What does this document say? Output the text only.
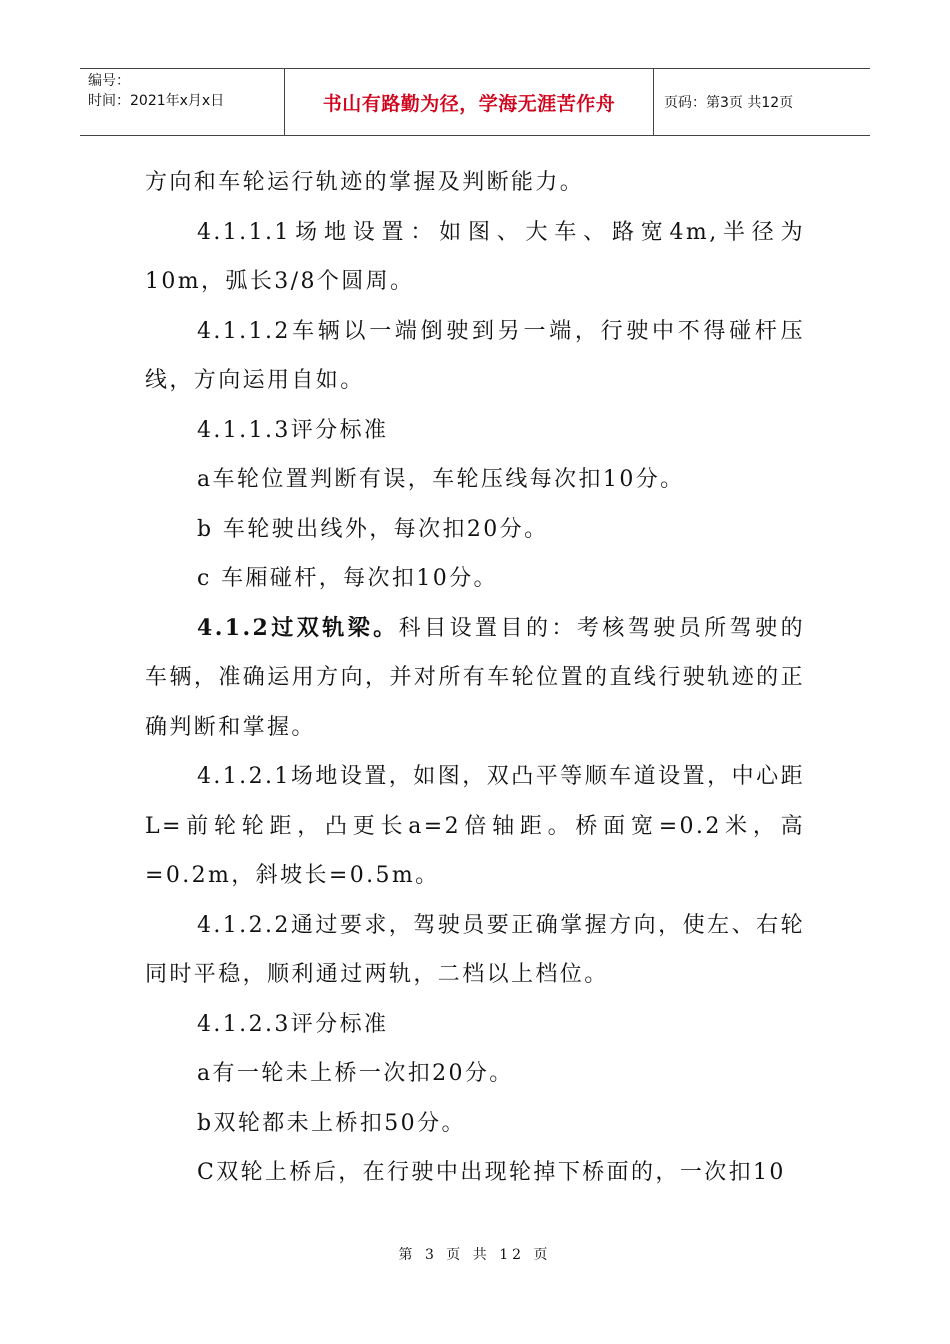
编号：
时间：2021年x月x日	书山有路勤为径，学海无涯苦作舟	页码：第3页 共12页
方向和车轮运行轨迹的掌握及判断能力。
4.1.1.1场地设置：如图、大车、路宽4m,半径为10m，弧长3/8个圆周。
4.1.1.2车辆以一端倒驶到另一端，行驶中不得碰杆压线，方向运用自如。
4.1.1.3评分标准
a车轮位置判断有误，车轮压线每次扣10分。
b 车轮驶出线外，每次扣20分。
c 车厢碰杆，每次扣10分。
4.1.2过双轨梁。科目设置目的：考核驾驶员所驾驶的车辆，准确运用方向，并对所有车轮位置的直线行驶轨迹的正确判断和掌握。
4.1.2.1场地设置，如图，双凸平等顺车道设置，中心距L=前轮轮距，凸更长a=2倍轴距。桥面宽=0.2米，高=0.2m，斜坡长=0.5m。
4.1.2.2通过要求，驾驶员要正确掌握方向，使左、右轮同时平稳，顺利通过两轨，二档以上档位。
4.1.2.3评分标准
a有一轮未上桥一次扣20分。
b双轮都未上桥扣50分。
C双轮上桥后，在行驶中出现轮掉下桥面的，一次扣10
第 3 页 共 12 页
